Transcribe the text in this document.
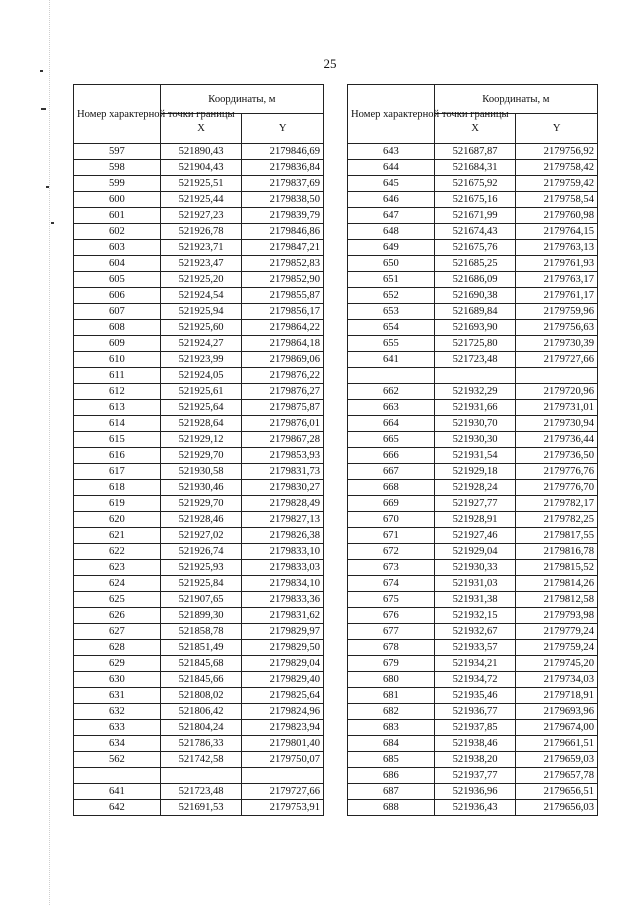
25
Номер характерной точки границы	Координаты, м	
	X	Y
597	521890,43	2179846,69
598	521904,43	2179836,84
599	521925,51	2179837,69
600	521925,44	2179838,50
601	521927,23	2179839,79
602	521926,78	2179846,86
603	521923,71	2179847,21
604	521923,47	2179852,83
605	521925,20	2179852,90
606	521924,54	2179855,87
607	521925,94	2179856,17
608	521925,60	2179864,22
609	521924,27	2179864,18
610	521923,99	2179869,06
611	521924,05	2179876,22
612	521925,61	2179876,27
613	521925,64	2179875,87
614	521928,64	2179876,01
615	521929,12	2179867,28
616	521929,70	2179853,93
617	521930,58	2179831,73
618	521930,46	2179830,27
619	521929,70	2179828,49
620	521928,46	2179827,13
621	521927,02	2179826,38
622	521926,74	2179833,10
623	521925,93	2179833,03
624	521925,84	2179834,10
625	521907,65	2179833,36
626	521899,30	2179831,62
627	521858,78	2179829,97
628	521851,49	2179829,50
629	521845,68	2179829,04
630	521845,66	2179829,40
631	521808,02	2179825,64
632	521806,42	2179824,96
633	521804,24	2179823,94
634	521786,33	2179801,40
562	521742,58	2179750,07

641	521723,48	2179727,66
642	521691,53	2179753,91
Номер характерной точки границы	Координаты, м	
	X	Y
643	521687,87	2179756,92
644	521684,31	2179758,42
645	521675,92	2179759,42
646	521675,16	2179758,54
647	521671,99	2179760,98
648	521674,43	2179764,15
649	521675,76	2179763,13
650	521685,25	2179761,93
651	521686,09	2179763,17
652	521690,38	2179761,17
653	521689,84	2179759,96
654	521693,90	2179756,63
655	521725,80	2179730,39
641	521723,48	2179727,66

662	521932,29	2179720,96
663	521931,66	2179731,01
664	521930,70	2179730,94
665	521930,30	2179736,44
666	521931,54	2179736,50
667	521929,18	2179776,76
668	521928,24	2179776,70
669	521927,77	2179782,17
670	521928,91	2179782,25
671	521927,46	2179817,55
672	521929,04	2179816,78
673	521930,33	2179815,52
674	521931,03	2179814,26
675	521931,38	2179812,58
676	521932,15	2179793,98
677	521932,67	2179779,24
678	521933,57	2179759,24
679	521934,21	2179745,20
680	521934,72	2179734,03
681	521935,46	2179718,91
682	521936,77	2179693,96
683	521937,85	2179674,00
684	521938,46	2179661,51
685	521938,20	2179659,03
686	521937,77	2179657,78
687	521936,96	2179656,51
688	521936,43	2179656,03
